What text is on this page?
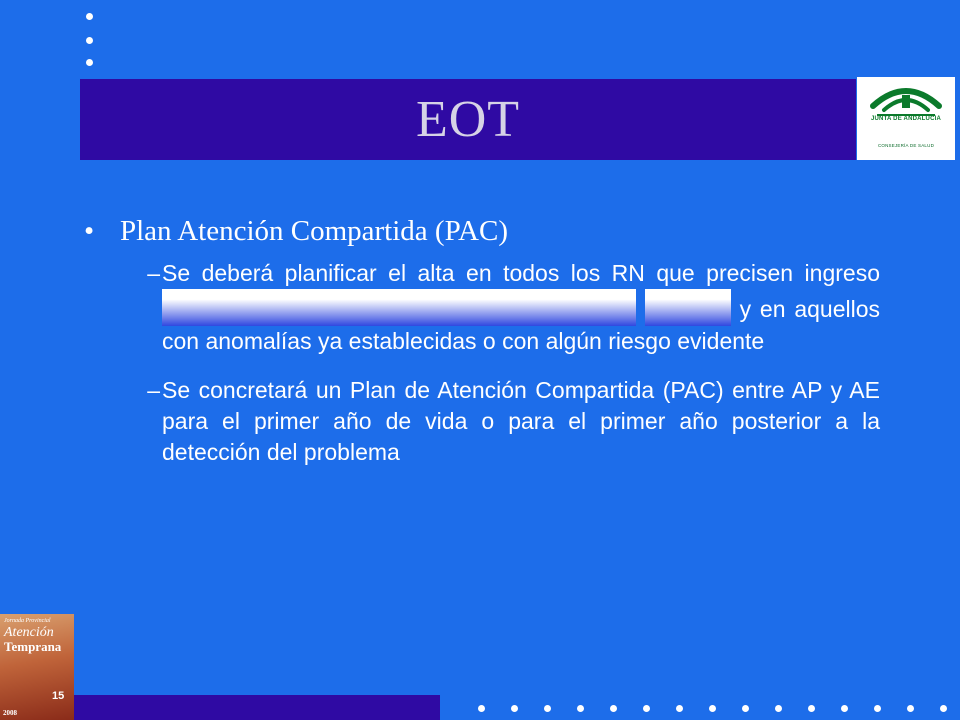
EOT	JUNTA DE ANDALUCIA
CONSEJERÍA DE SALUD
• Plan Atención Compartida (PAC)
– Se deberá planificar el alta en todos los RN que precisen ingreso   y en aquellos con anomalías ya establecidas o con algún riesgo evidente
– Se concretará un Plan de Atención Compartida (PAC) entre AP y AE para el primer año de vida o para el primer año posterior a la detección del problema
Jornada Provincial
Atención
Temprana
15
2008
